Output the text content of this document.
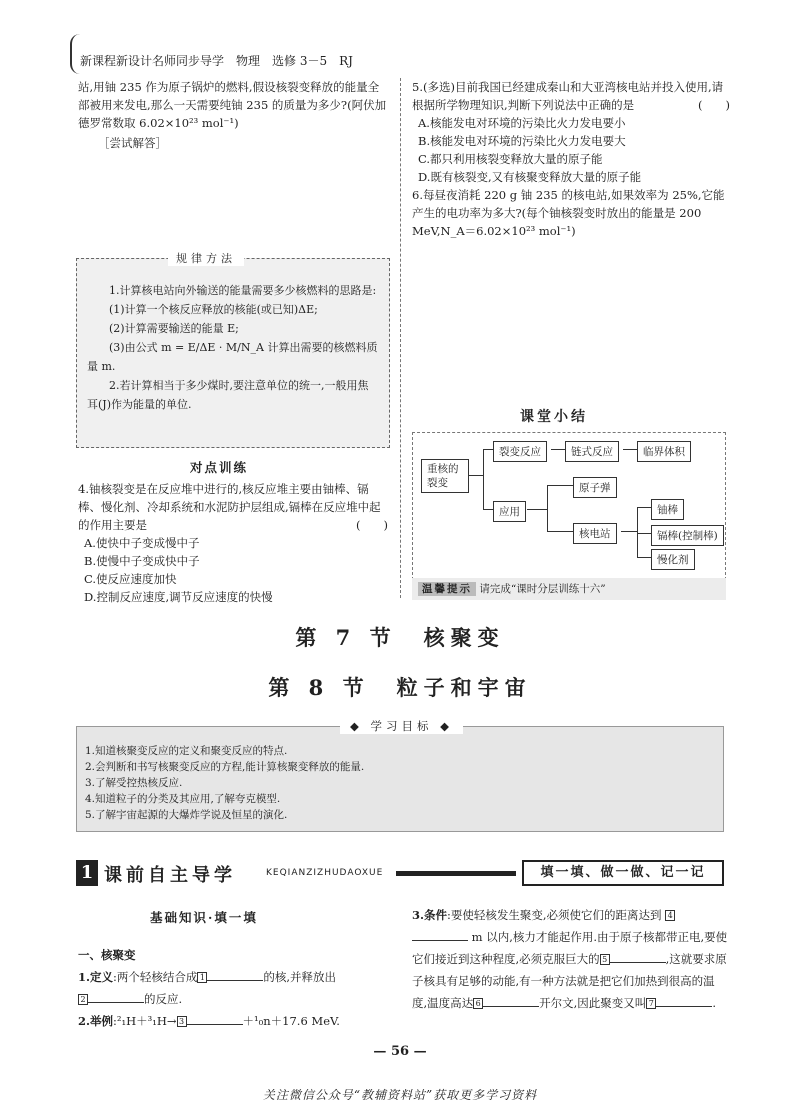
新课程新设计名师同步导学　物理　选修 3－5　RJ

站,用铀 235 作为原子锅炉的燃料,假设核裂变释放的能量全部被用来发电,那么一天需要纯铀 235 的质量为多少?(阿伏加德罗常数取 6.02×10²³ mol⁻¹)

［尝试解答］

1.计算核电站向外输送的能量需要多少核燃料的思路是:

(1)计算一个核反应释放的核能(或已知)ΔE;

(2)计算需要输送的能量 E;

(3)由公式 m = E/ΔE · M/N_A 计算出需要的核燃料质量 m.

2.若计算相当于多少煤时,要注意单位的统一,一般用焦耳(J)作为能量的单位.

规律方法
对点训练

4.铀核裂变是在反应堆中进行的,核反应堆主要由铀棒、镉棒、慢化剂、冷却系统和水泥防护层组成,镉棒在反应堆中起的作用主要是	(　　)

A.使快中子变成慢中子

B.使慢中子变成快中子

C.使反应速度加快

D.控制反应速度,调节反应速度的快慢

5.(多选)目前我国已经建成秦山和大亚湾核电站并投入使用,请根据所学物理知识,判断下列说法中正确的是	(　　)

A.核能发电对环境的污染比火力发电要小

B.核能发电对环境的污染比火力发电要大

C.都只利用核裂变释放大量的原子能

D.既有核裂变,又有核聚变释放大量的原子能

6.每昼夜消耗 220 g 铀 235 的核电站,如果效率为 25%,它能产生的电功率为多大?(每个铀核裂变时放出的能量是 200 MeV,N_A＝6.02×10²³ mol⁻¹)

课堂小结
重核的裂变
裂变反应	链式反应	临界体积
应用
原子弹
核电站
铀棒
镉棒(控制棒)
慢化剂
温馨提示 请完成“课时分层训练十六”
第 7 节　核聚变
第 8 节　粒子和宇宙

1.知道核聚变反应的定义和聚变反应的特点.

2.会判断和书写核聚变反应的方程,能计算核聚变释放的能量.

3.了解受控热核反应.

4.知道粒子的分类及其应用,了解夸克模型.

5.了解宇宙起源的大爆炸学说及恒星的演化.

◆ 学习目标 ◆
1 课前自主导学	KEQIANZIZHUDAOXUE	填一填、做一做、记一记
基础知识·填一填

一、核聚变

1.定义:两个轻核结合成 1	的核,并释放出
2	的反应.

2.举例:²₁H＋³₁H→ 3	＋¹₀n＋17.6 MeV.

3.条件:要使轻核发生聚变,必须使它们的距离达到 4 m 以内,核力才能起作用.由于原子核都带正电,要使它们接近到这种程度,必须克服巨大的 5	,这就要求原子核具有足够的动能,有一种方法就是把它们加热到很高的温度,温度高达 6	开尔文,因此聚变又叫 7	.

— 56 —
关注微信公众号“教辅资料站”获取更多学习资料
